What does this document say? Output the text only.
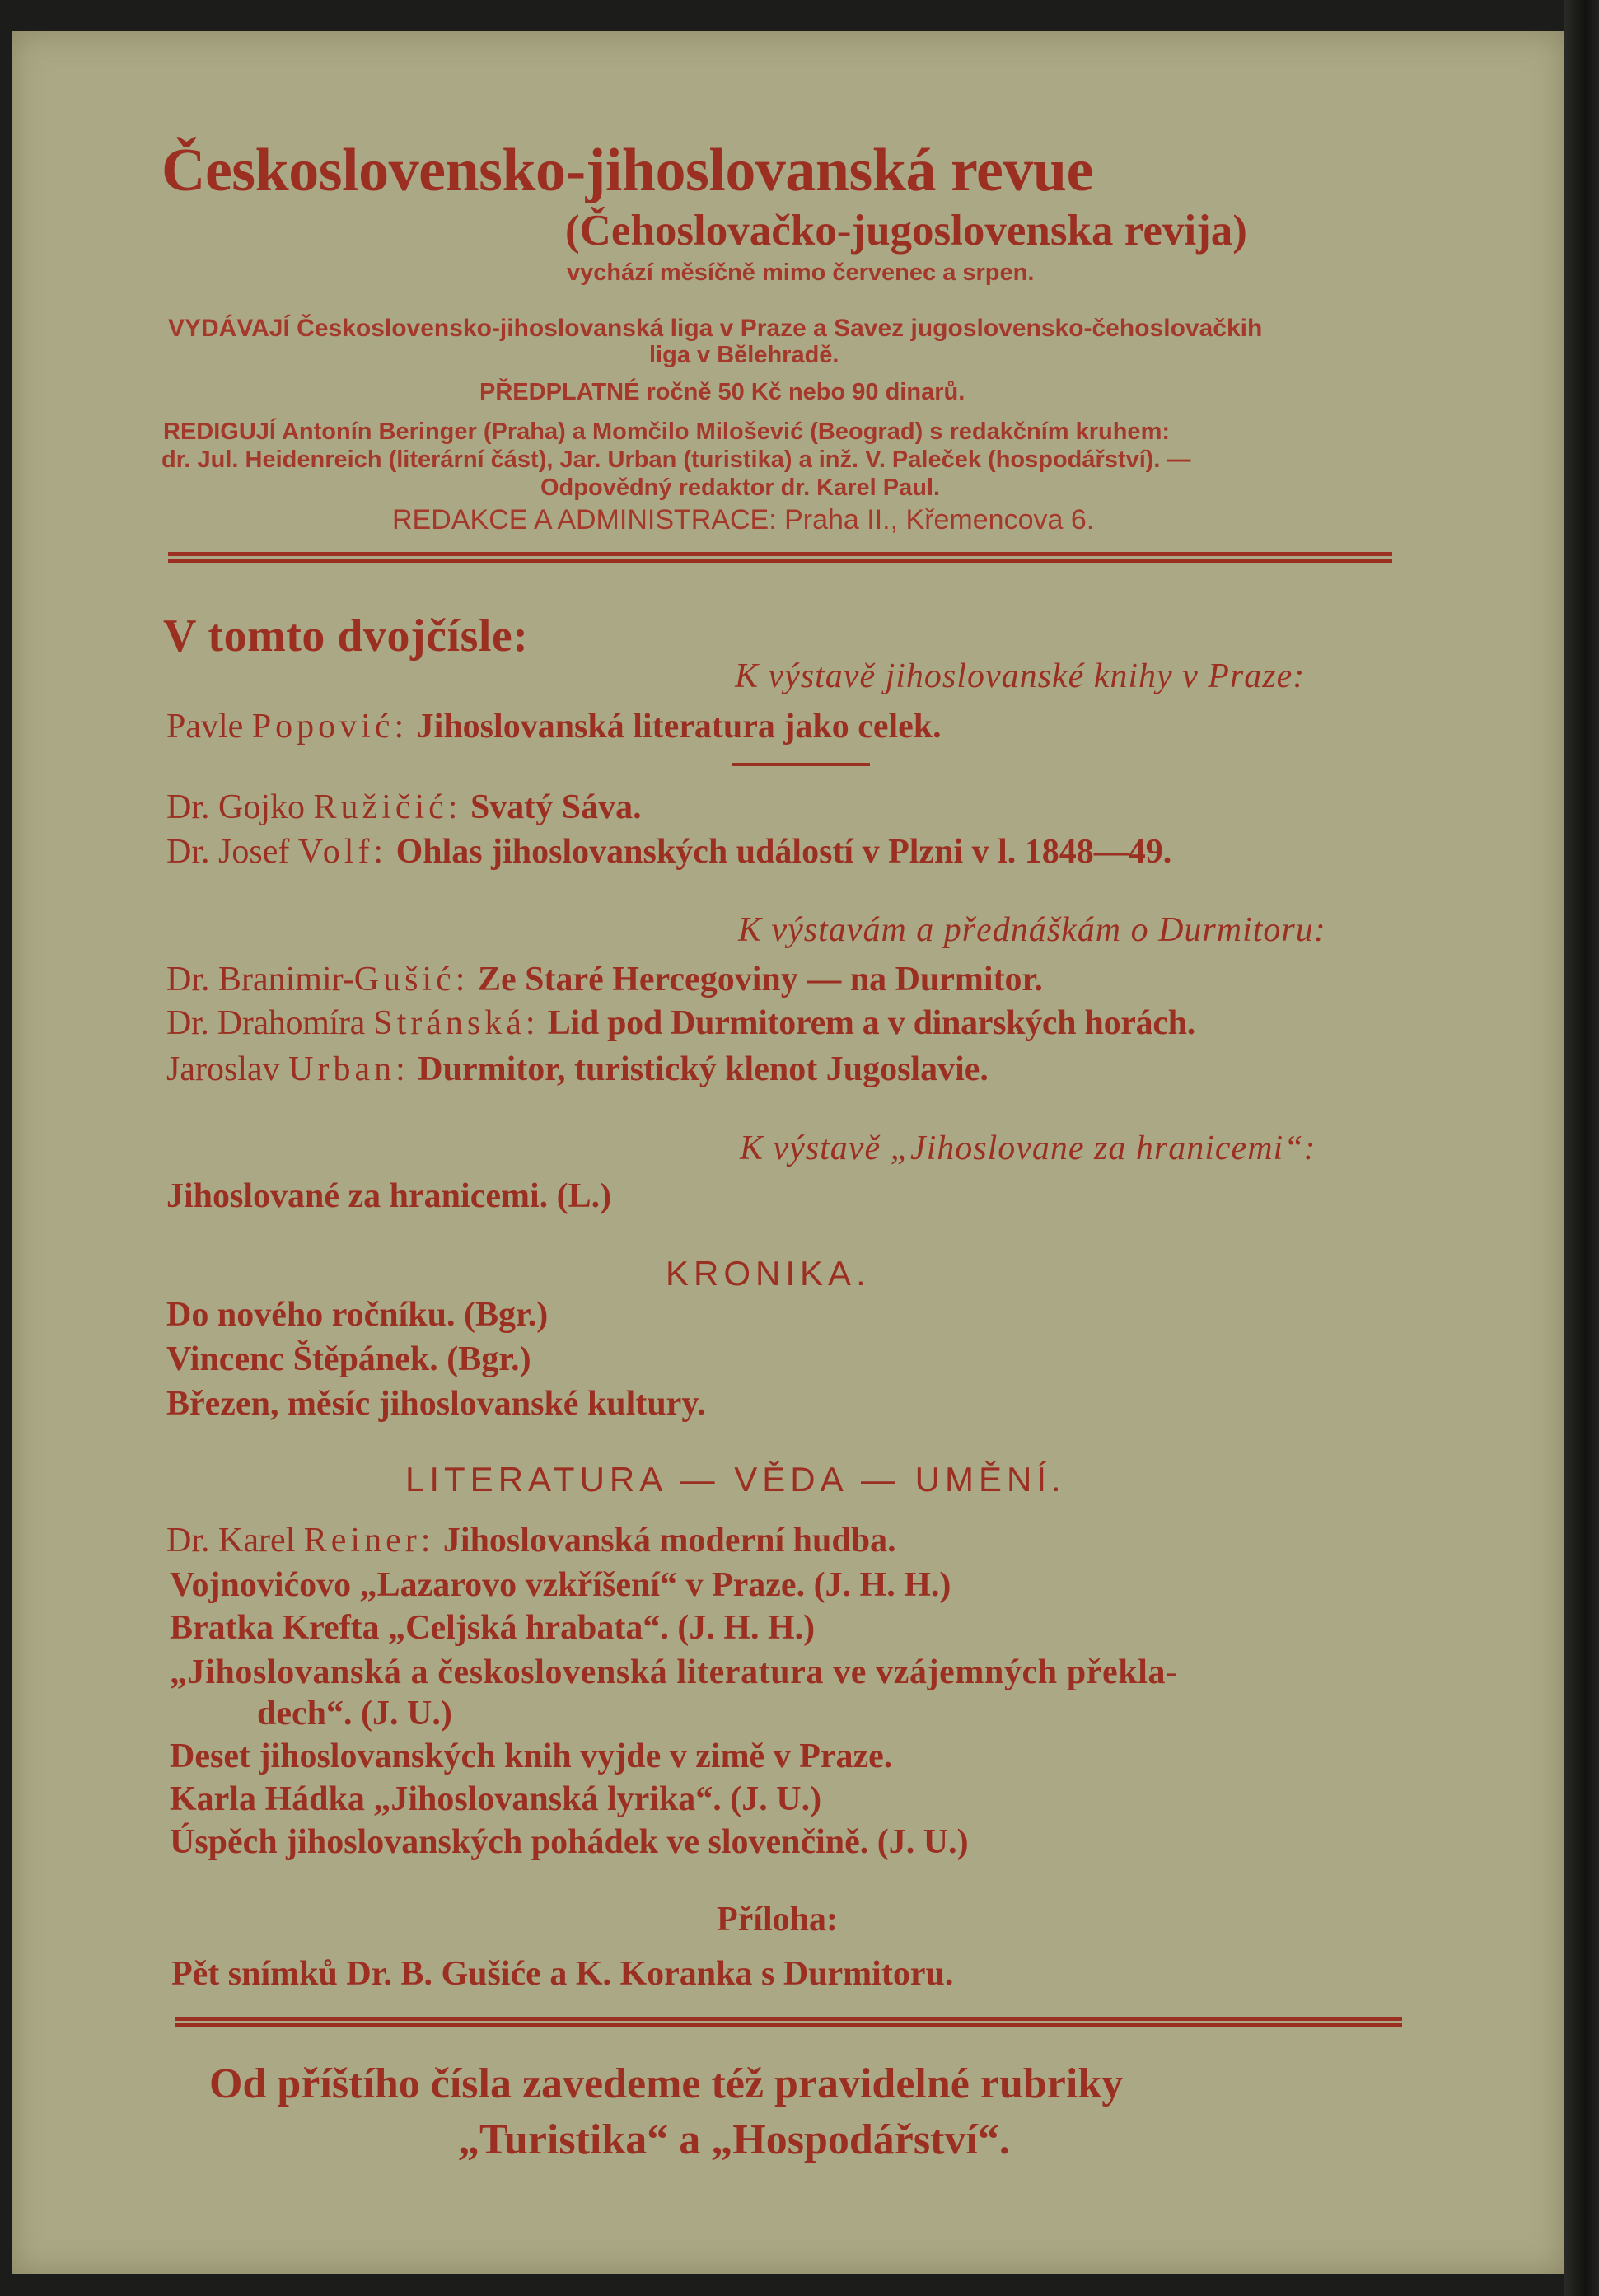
Československo-jihoslovanská revue
(Čehoslovačko-jugoslovenska revija)
vychází měsíčně mimo červenec a srpen.
VYDÁVAJÍ Československo-jihoslovanská liga v Praze a Savez jugoslovensko-čehoslovačkih
liga v Bělehradě.
PŘEDPLATNÉ ročně 50 Kč nebo 90 dinarů.
REDIGUJÍ Antonín Beringer (Praha) a Momčilo Milošević (Beograd) s redakčním kruhem:
dr. Jul. Heidenreich (literární část), Jar. Urban (turistika) a inž. V. Paleček (hospodářství). —
Odpovědný redaktor dr. Karel Paul.
REDAKCE A ADMINISTRACE: Praha II., Křemencova 6.
V tomto dvojčísle:
K výstavě jihoslovanské knihy v Praze:
Pavle Popović: Jihoslovanská literatura jako celek.
Dr. Gojko Ružičić: Svatý Sáva.
Dr. Josef Volf: Ohlas jihoslovanských událostí v Plzni v l. 1848—49.
K výstavám a přednáškám o Durmitoru:
Dr. Branimir-Gušić: Ze Staré Hercegoviny — na Durmitor.
Dr. Drahomíra Stránská: Lid pod Durmitorem a v dinarských horách.
Jaroslav Urban: Durmitor, turistický klenot Jugoslavie.
K výstavě „Jihoslovane za hranicemi“:
Jihoslované za hranicemi. (L.)
KRONIKA.
Do nového ročníku. (Bgr.)
Vincenc Štěpánek. (Bgr.)
Březen, měsíc jihoslovanské kultury.
LITERATURA — VĚDA — UMĚNÍ.
Dr. Karel Reiner: Jihoslovanská moderní hudba.
Vojnovićovo „Lazarovo vzkříšení“ v Praze. (J. H. H.)
Bratka Krefta „Celjská hrabata“. (J. H. H.)
„Jihoslovanská a československá literatura ve vzájemných překla-
dech“. (J. U.)
Deset jihoslovanských knih vyjde v zimě v Praze.
Karla Hádka „Jihoslovanská lyrika“. (J. U.)
Úspěch jihoslovanských pohádek ve slovenčině. (J. U.)
Příloha:
Pět snímků Dr. B. Gušiće a K. Koranka s Durmitoru.
Od příštího čísla zavedeme též pravidelné rubriky
„Turistika“ a „Hospodářství“.
